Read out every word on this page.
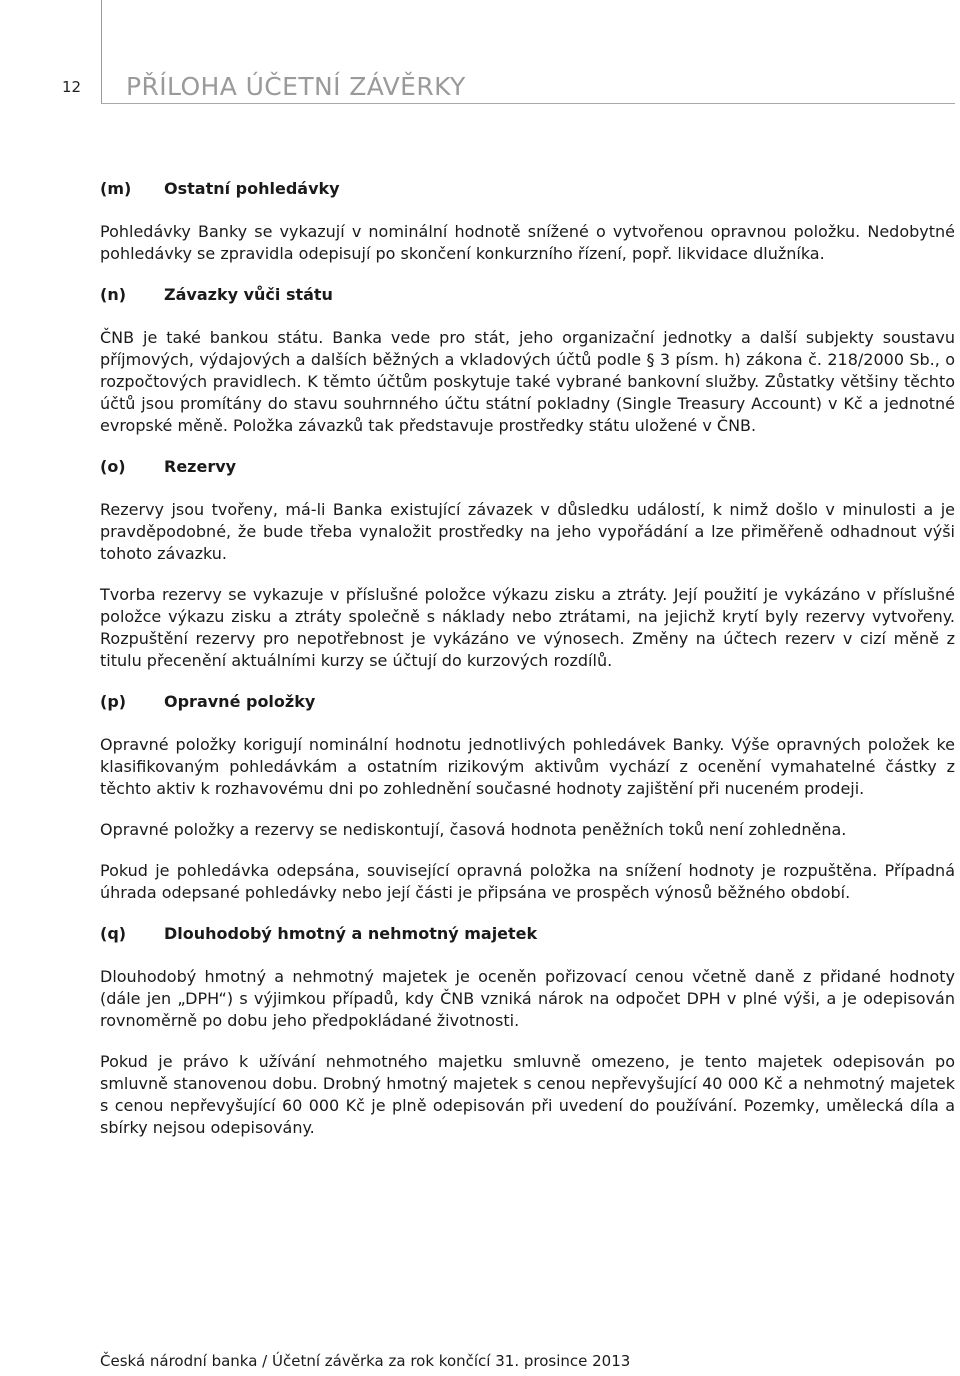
12 PŘÍLOHA ÚČETNÍ ZÁVĚRKY
(m)	Ostatní pohledávky

Pohledávky Banky se vykazují v nominální hodnotě snížené o vytvořenou opravnou položku. Nedobytné pohledávky se zpravidla odepisují po skončení konkurzního řízení, popř. likvidace dlužníka.

(n)	Závazky vůči státu

ČNB je také bankou státu. Banka vede pro stát, jeho organizační jednotky a další subjekty soustavu příjmových, výdajových a dalších běžných a vkladových účtů podle § 3 písm. h) zákona č. 218/2000 Sb., o rozpočtových pravidlech. K těmto účtům poskytuje také vybrané bankovní služby. Zůstatky většiny těchto účtů jsou promítány do stavu souhrnného účtu státní pokladny (Single Treasury Account) v Kč a jednotné evropské měně. Položka závazků tak představuje prostředky státu uložené v ČNB.

(o)	Rezervy

Rezervy jsou tvořeny, má-li Banka existující závazek v důsledku událostí, k nimž došlo v minulosti a je pravděpodobné, že bude třeba vynaložit prostředky na jeho vypořádání a lze přiměřeně odhadnout výši tohoto závazku.

Tvorba rezervy se vykazuje v příslušné položce výkazu zisku a ztráty. Její použití je vykázáno v příslušné položce výkazu zisku a ztráty společně s náklady nebo ztrátami, na jejichž krytí byly rezervy vytvořeny. Rozpuštění rezervy pro nepotřebnost je vykázáno ve výnosech. Změny na účtech rezerv v cizí měně z titulu přecenění aktuálními kurzy se účtují do kurzových rozdílů.

(p)	Opravné položky

Opravné položky korigují nominální hodnotu jednotlivých pohledávek Banky. Výše opravných položek ke klasifikovaným pohledávkám a ostatním rizikovým aktivům vychází z ocenění vymahatelné částky z těchto aktiv k rozhavovému dni po zohlednění současné hodnoty zajištění při nuceném prodeji.

Opravné položky a rezervy se nediskontují, časová hodnota peněžních toků není zohledněna.

Pokud je pohledávka odepsána, související opravná položka na snížení hodnoty je rozpuštěna. Případná úhrada odepsané pohledávky nebo její části je připsána ve prospěch výnosů běžného období.

(q)	Dlouhodobý hmotný a nehmotný majetek

Dlouhodobý hmotný a nehmotný majetek je oceněn pořizovací cenou včetně daně z přidané hodnoty (dále jen „DPH“) s výjimkou případů, kdy ČNB vzniká nárok na odpočet DPH v plné výši, a je odepisován rovnoměrně po dobu jeho předpokládané životnosti.

Pokud je právo k užívání nehmotného majetku smluvně omezeno, je tento majetek odepisován po smluvně stanovenou dobu. Drobný hmotný majetek s cenou nepřevyšující 40 000 Kč a nehmotný majetek s cenou nepřevyšující 60 000 Kč je plně odepisován při uvedení do používání. Pozemky, umělecká díla a sbírky nejsou odepisovány.

Česká národní banka / Účetní závěrka za rok končící 31. prosince 2013
